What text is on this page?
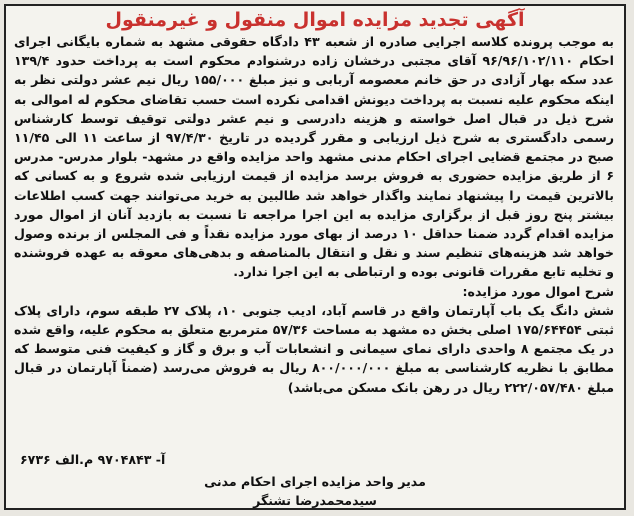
آگهی تجدید مزایده اموال منقول و غیرمنقول

به موجب پرونده کلاسه اجرایی صادره از شعبه ۴۳ دادگاه حقوقی مشهد به شماره بایگانی اجرای احکام ۹۶/۹۶/۱۰۲/۱۱۰ آقای مجتبی درخشان زاده درشنوادم محکوم است به پرداخت حدود ۱۳۹/۴ عدد سکه بهار آزادی در حق خانم معصومه آربابی و نیز مبلغ ۱۵۵/۰۰۰ ریال نیم عشر دولتی نظر به اینکه محکوم علیه نسبت به پرداخت دیونش اقدامی نکرده است حسب تقاضای محکوم له اموالی به شرح ذیل در قبال اصل خواسته و هزینه دادرسی و نیم عشر دولتی توقیف توسط کارشناس رسمی دادگستری به شرح ذیل ارزیابی و مقرر گردیده در تاریخ ۹۷/۴/۳۰ از ساعت ۱۱ الی ۱۱/۴۵ صبح در مجتمع قضایی اجرای احکام مدنی مشهد واحد مزایده واقع در مشهد- بلوار مدرس- مدرس ۶ از طریق مزایده حضوری به فروش برسد مزایده از قیمت ارزیابی شده شروع و به کسانی که بالاترین قیمت را پیشنهاد نمایند واگذار خواهد شد طالبین به خرید می‌توانند جهت کسب اطلاعات بیشتر پنج روز قبل از برگزاری مزایده به این اجرا مراجعه تا نسبت به بازدید آنان از اموال مورد مزایده اقدام گردد ضمنا حداقل ۱۰ درصد از بهای مورد مزایده نقداً و فی المجلس از برنده وصول خواهد شد هزینه‌های تنظیم سند و نقل و انتقال بالمناصفه و بدهی‌های معوقه به عهده فروشنده و تخلیه تابع مقررات قانونی بوده و ارتباطی به این اجرا ندارد.

شرح اموال مورد مزایده:

شش دانگ یک باب آپارتمان واقع در قاسم آباد، ادیب جنوبی ۱۰، پلاک ۲۷ طبقه سوم، دارای پلاک ثبتی ۱۷۵/۶۴۴۵۴ اصلی بخش ده مشهد به مساحت ۵۷/۳۶ مترمربع متعلق به محکوم علیه، واقع شده در یک مجتمع ۸ واحدی دارای نمای سیمانی و انشعابات آب و برق و گاز و کیفیت فنی متوسط که مطابق با نظریه کارشناسی به مبلغ ۸۰۰/۰۰۰/۰۰۰ ریال به فروش می‌رسد (ضمناً آپارتمان در قبال مبلغ ۲۲۲/۰۵۷/۴۸۰ ریال در رهن بانک مسکن می‌باشد)

آ- ۹۷۰۴۸۴۳ م.الف ۶۷۳۶
مدیر واحد مزایده اجرای احکام مدنی
سیدمحمدرضا تشنگر
